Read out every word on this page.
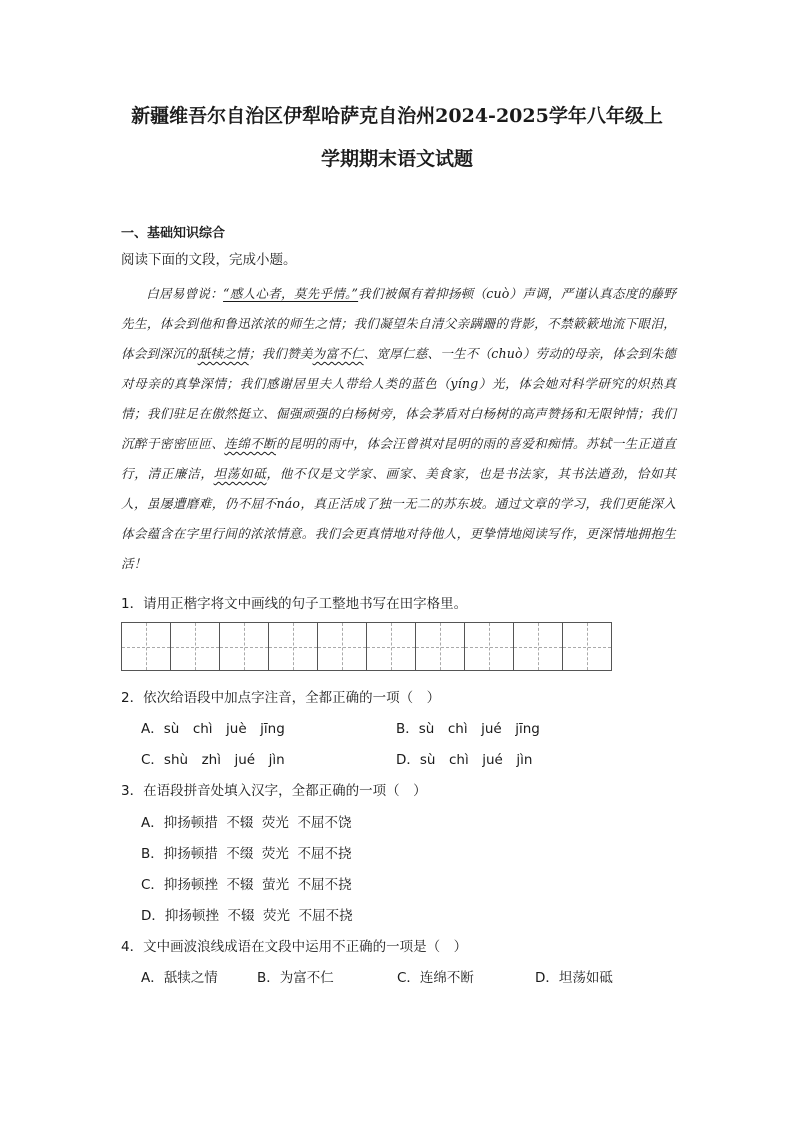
新疆维吾尔自治区伊犁哈萨克自治州2024-2025学年八年级上
学期期末语文试题
一、基础知识综合
阅读下面的文段，完成小题。
白居易曾说：“感人心者，莫先乎情。”我们被佩有着抑扬顿（cuò）声调，严谨认真态度的藤野先生，体会到他和鲁迅浓浓的师生之情；我们凝望朱自清父亲蹒跚的背影，不禁簌簌地流下眼泪，体会到深沉的舐犊之情；我们赞美为富不仁、宽厚仁慈、一生不（chuò）劳动的母亲，体会到朱德对母亲的真挚深情；我们感谢居里夫人带给人类的蓝色（yíng）光，体会她对科学研究的炽热真情；我们驻足在傲然挺立、倔强顽强的白杨树旁，体会茅盾对白杨树的高声赞扬和无限钟情；我们沉醉于密密匝匝、连绵不断的昆明的雨中，体会汪曾祺对昆明的雨的喜爱和痴情。苏轼一生正道直行，清正廉洁，坦荡如砥，他不仅是文学家、画家、美食家，也是书法家，其书法遒劲，恰如其人，虽屡遭磨难，仍不屈不náo，真正活成了独一无二的苏东坡。通过文章的学习，我们更能深入体会蕴含在字里行间的浓浓情意。我们会更真情地对待他人，更挚情地阅读写作，更深情地拥抱生活！
1．请用正楷字将文中画线的句子工整地书写在田字格里。
2．依次给语段中加点字注音，全都正确的一项（　）
A．sù　chì　juè　jīng	B．sù　chì　jué　jīng
C．shù　zhì　jué　jìn	D．sù　chì　jué　jìn
3．在语段拼音处填入汉字，全都正确的一项（　）
A．抑扬顿措  不辍  荧光  不屈不饶
B．抑扬顿措  不缀  荧光  不屈不挠
C．抑扬顿挫  不辍  萤光  不屈不挠
D．抑扬顿挫  不辍  荧光  不屈不挠
4．文中画波浪线成语在文段中运用不正确的一项是（　）
A．舐犊之情	B．为富不仁	C．连绵不断	D．坦荡如砥
